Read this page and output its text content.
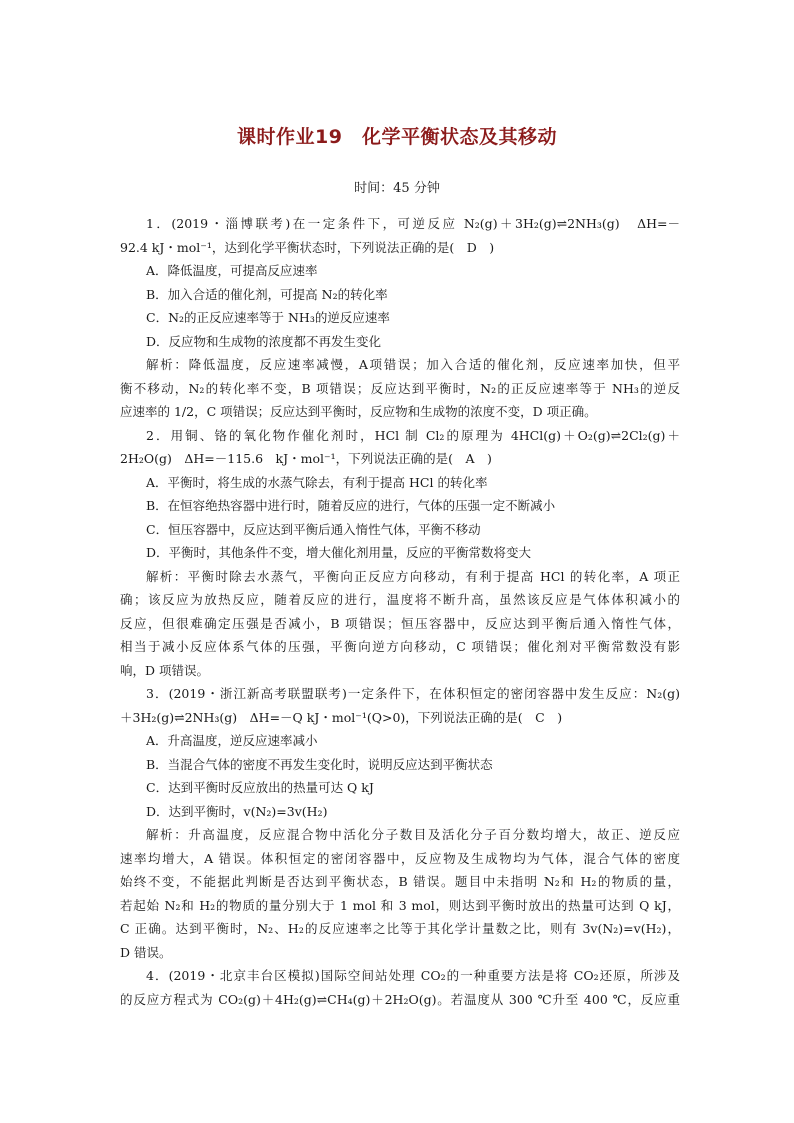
课时作业19　化学平衡状态及其移动
时间：45 分钟
1．(2019・淄博联考)在一定条件下，可逆反应 N₂(g)＋3H₂(g)⇌2NH₃(g)　ΔH=－
92.4 kJ・mol⁻¹，达到化学平衡状态时，下列说法正确的是(　D　)
A．降低温度，可提高反应速率
B．加入合适的催化剂，可提高 N₂的转化率
C．N₂的正反应速率等于 NH₃的逆反应速率
D．反应物和生成物的浓度都不再发生变化
解析：降低温度，反应速率减慢，A项错误；加入合适的催化剂，反应速率加快，但平
衡不移动，N₂的转化率不变，B 项错误；反应达到平衡时，N₂的正反应速率等于 NH₃的逆反
应速率的 1/2，C 项错误；反应达到平衡时，反应物和生成物的浓度不变，D 项正确。
2．用铜、铬的氧化物作催化剂时，HCl 制 Cl₂的原理为 4HCl(g)＋O₂(g)⇌2Cl₂(g)＋
2H₂O(g)　ΔH=－115.6　kJ・mol⁻¹，下列说法正确的是(　A　)
A．平衡时，将生成的水蒸气除去，有利于提高 HCl 的转化率
B．在恒容绝热容器中进行时，随着反应的进行，气体的压强一定不断减小
C．恒压容器中，反应达到平衡后通入惰性气体，平衡不移动
D．平衡时，其他条件不变，增大催化剂用量，反应的平衡常数将变大
解析：平衡时除去水蒸气，平衡向正反应方向移动，有利于提高 HCl 的转化率，A 项正
确；该反应为放热反应，随着反应的进行，温度将不断升高，虽然该反应是气体体积减小的
反应，但很难确定压强是否减小，B 项错误；恒压容器中，反应达到平衡后通入惰性气体，
相当于减小反应体系气体的压强，平衡向逆方向移动，C 项错误；催化剂对平衡常数没有影
响，D 项错误。
3．(2019・浙江新高考联盟联考)一定条件下，在体积恒定的密闭容器中发生反应：N₂(g)
＋3H₂(g)⇌2NH₃(g)　ΔH=－Q kJ・mol⁻¹(Q>0)，下列说法正确的是(　C　)
A．升高温度，逆反应速率减小
B．当混合气体的密度不再发生变化时，说明反应达到平衡状态
C．达到平衡时反应放出的热量可达 Q kJ
D．达到平衡时，v(N₂)=3v(H₂)
解析：升高温度，反应混合物中活化分子数目及活化分子百分数均增大，故正、逆反应
速率均增大，A 错误。体积恒定的密闭容器中，反应物及生成物均为气体，混合气体的密度
始终不变，不能据此判断是否达到平衡状态，B 错误。题目中未指明 N₂和 H₂的物质的量，
若起始 N₂和 H₂的物质的量分别大于 1 mol 和 3 mol，则达到平衡时放出的热量可达到 Q kJ，
C 正确。达到平衡时，N₂、H₂的反应速率之比等于其化学计量数之比，则有 3v(N₂)=v(H₂)，
D 错误。
4．(2019・北京丰台区模拟)国际空间站处理 CO₂的一种重要方法是将 CO₂还原，所涉及
的反应方程式为 CO₂(g)＋4H₂(g)⇌CH₄(g)＋2H₂O(g)。若温度从 300 ℃升至 400 ℃，反应重
